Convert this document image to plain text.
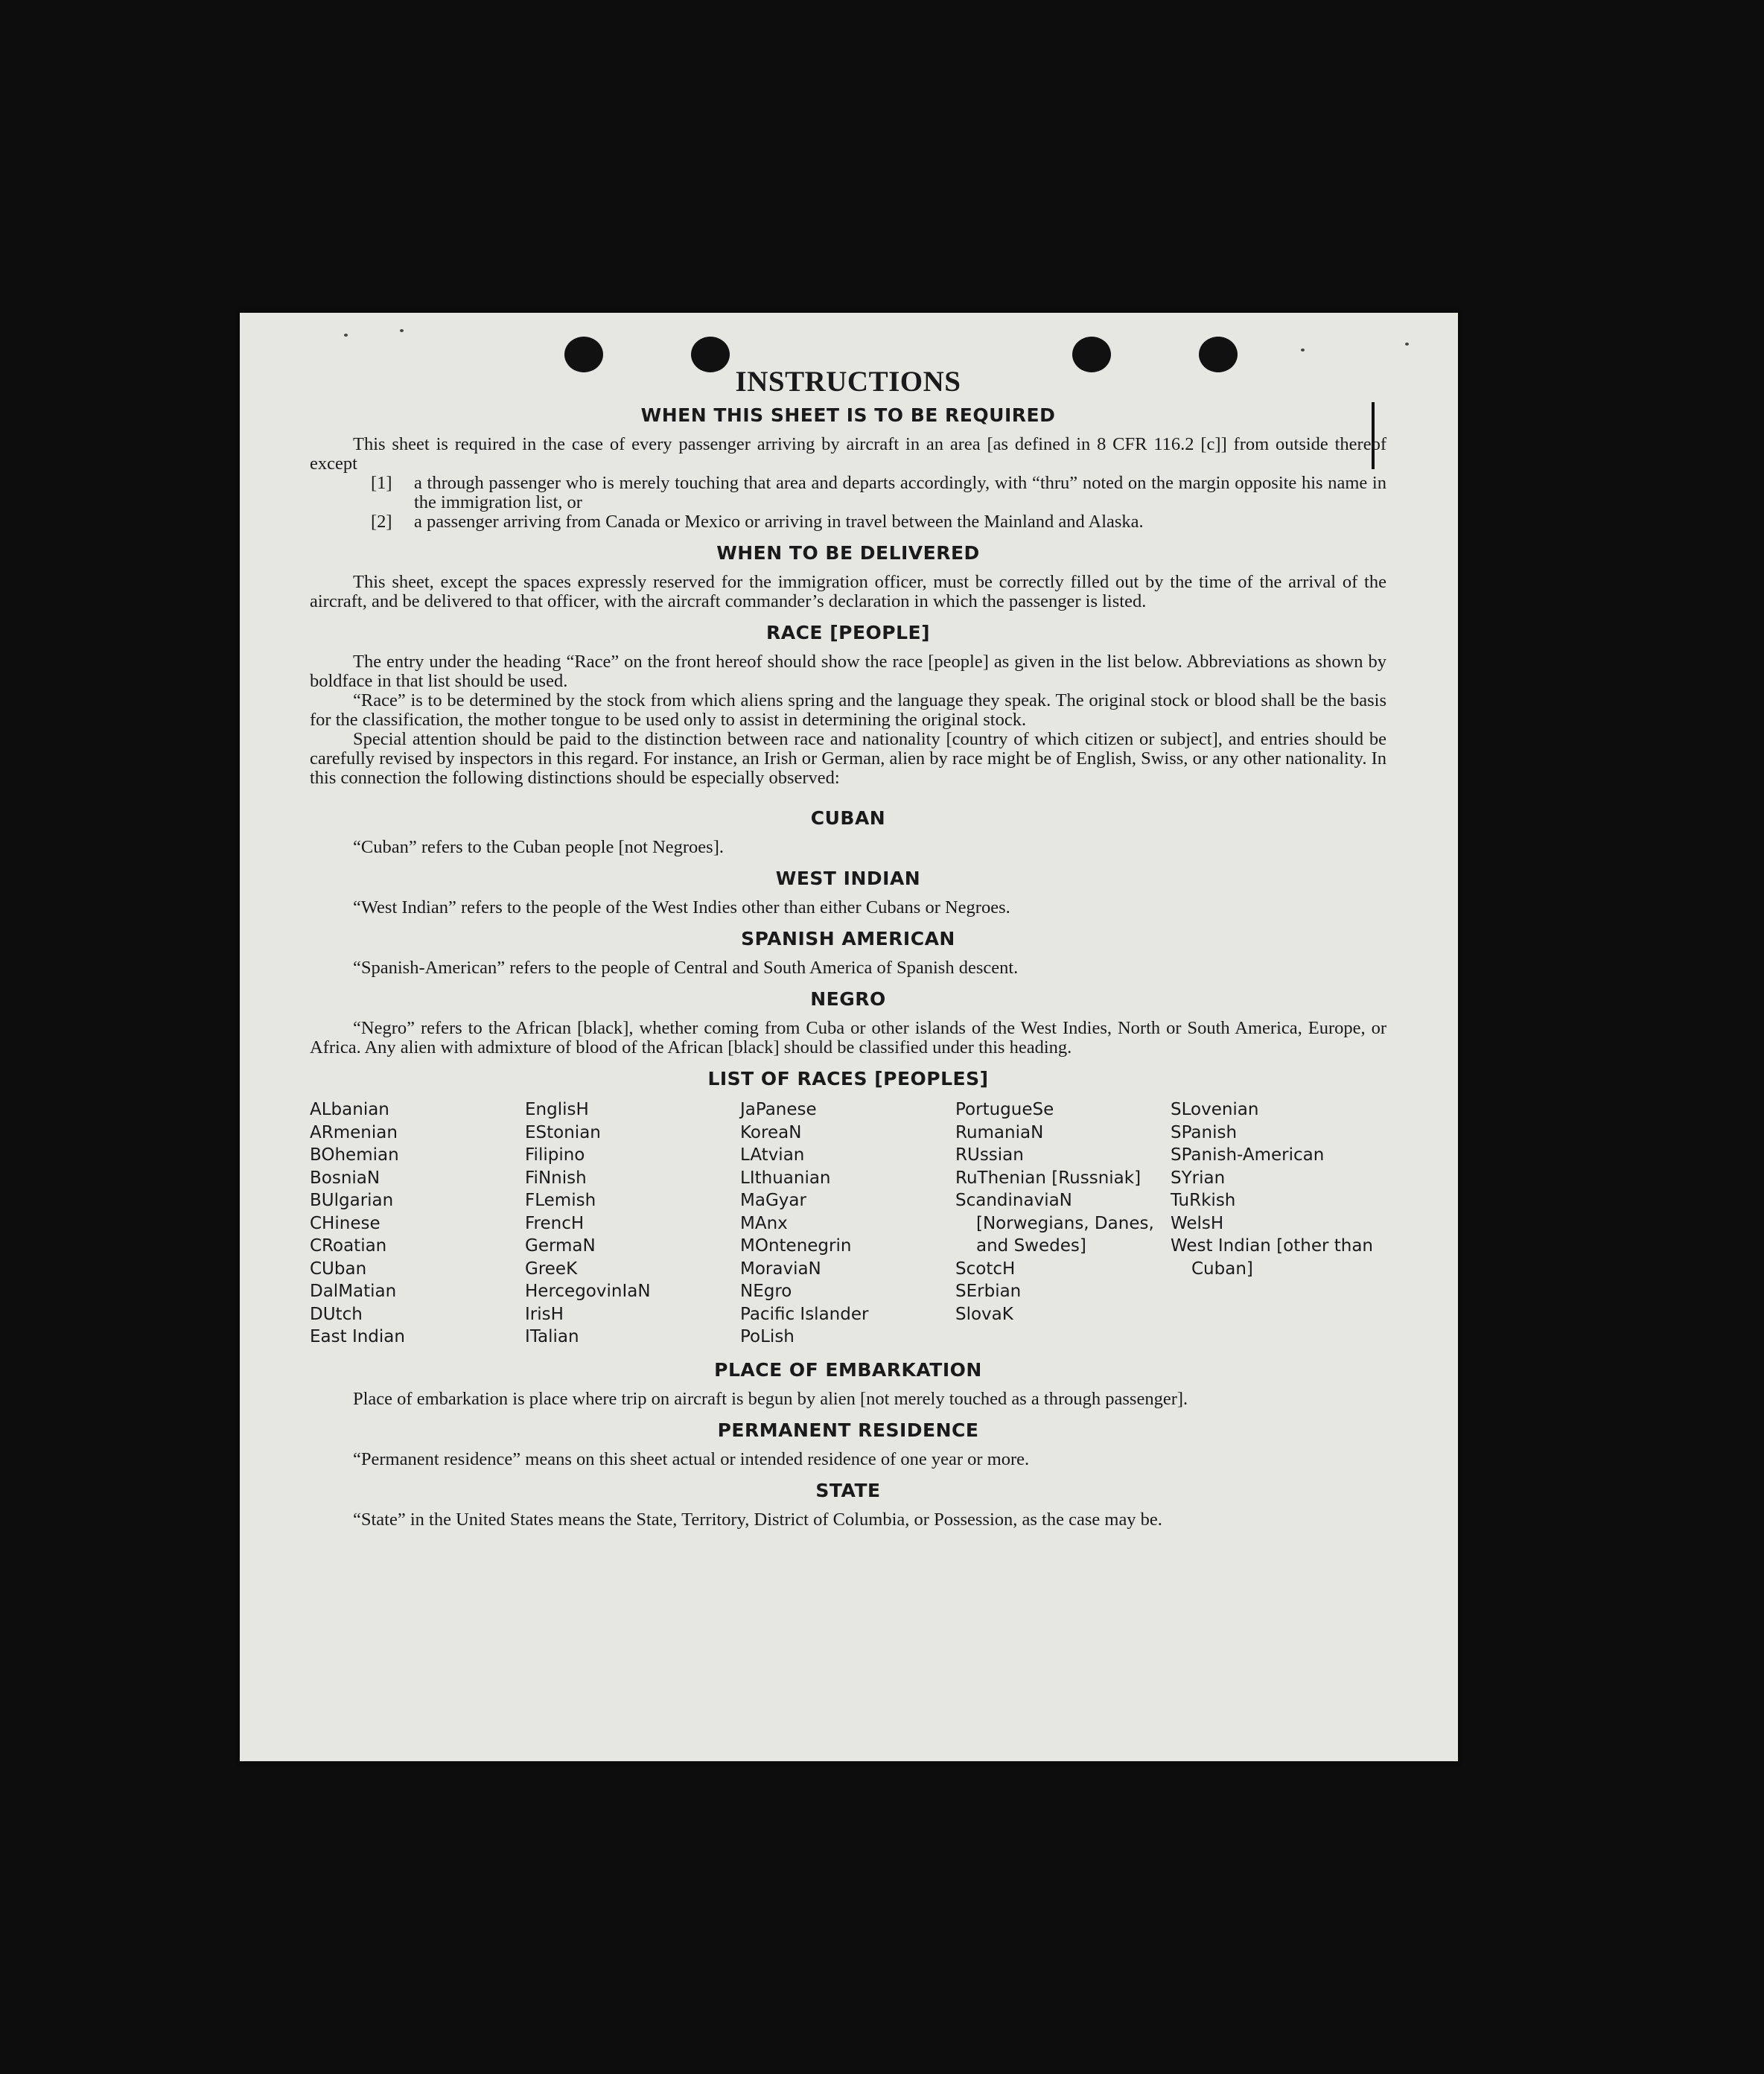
INSTRUCTIONS
WHEN THIS SHEET IS TO BE REQUIRED

This sheet is required in the case of every passenger arriving by aircraft in an area [as defined in 8 CFR 116.2 [c]] from outside thereof except

[1] a through passenger who is merely touching that area and departs accordingly, with “thru” noted on the margin opposite his name in the immigration list, or

[2] a passenger arriving from Canada or Mexico or arriving in travel between the Mainland and Alaska.

WHEN TO BE DELIVERED

This sheet, except the spaces expressly reserved for the immigration officer, must be correctly filled out by the time of the arrival of the aircraft, and be delivered to that officer, with the aircraft commander’s declaration in which the passenger is listed.

RACE [PEOPLE]

The entry under the heading “Race” on the front hereof should show the race [people] as given in the list below. Abbreviations as shown by boldface in that list should be used.

“Race” is to be determined by the stock from which aliens spring and the language they speak. The original stock or blood shall be the basis for the classification, the mother tongue to be used only to assist in determining the original stock.

Special attention should be paid to the distinction between race and nationality [country of which citizen or subject], and entries should be carefully revised by inspectors in this regard. For instance, an Irish or German, alien by race might be of English, Swiss, or any other nationality. In this connection the following distinctions should be especially observed:

CUBAN

“Cuban” refers to the Cuban people [not Negroes].

WEST INDIAN

“West Indian” refers to the people of the West Indies other than either Cubans or Negroes.

SPANISH AMERICAN

“Spanish-American” refers to the people of Central and South America of Spanish descent.

NEGRO

“Negro” refers to the African [black], whether coming from Cuba or other islands of the West Indies, North or South America, Europe, or Africa. Any alien with admixture of blood of the African [black] should be classified under this heading.

LIST OF RACES [PEOPLES]

ALbanian

ARmenian

BOhemian

BosniaN

BUlgarian

CHinese

CRoatian

CUban

DalMatian

DUtch

East Indian

EnglisH

EStonian

Filipino

FiNnish

FLemish

FrencH

GermaN

GreeK

HercegovinIaN

IrisH

ITalian

JaPanese

KoreaN

LAtvian

LIthuanian

MaGyar

MAnx

MOntenegrin

MoraviaN

NEgro

Pacific Islander

PoLish

PortugueSe

RumaniaN

RUssian

RuThenian [Russniak]

ScandinaviaN [Norwegians, Danes, and Swedes]

ScotcH

SErbian

SlovaK

SLovenian

SPanish

SPanish-American

SYrian

TuRkish

WelsH

West Indian [other than Cuban]

PLACE OF EMBARKATION

Place of embarkation is place where trip on aircraft is begun by alien [not merely touched as a through passenger].

PERMANENT RESIDENCE

“Permanent residence” means on this sheet actual or intended residence of one year or more.

STATE

“State” in the United States means the State, Territory, District of Columbia, or Possession, as the case may be.
